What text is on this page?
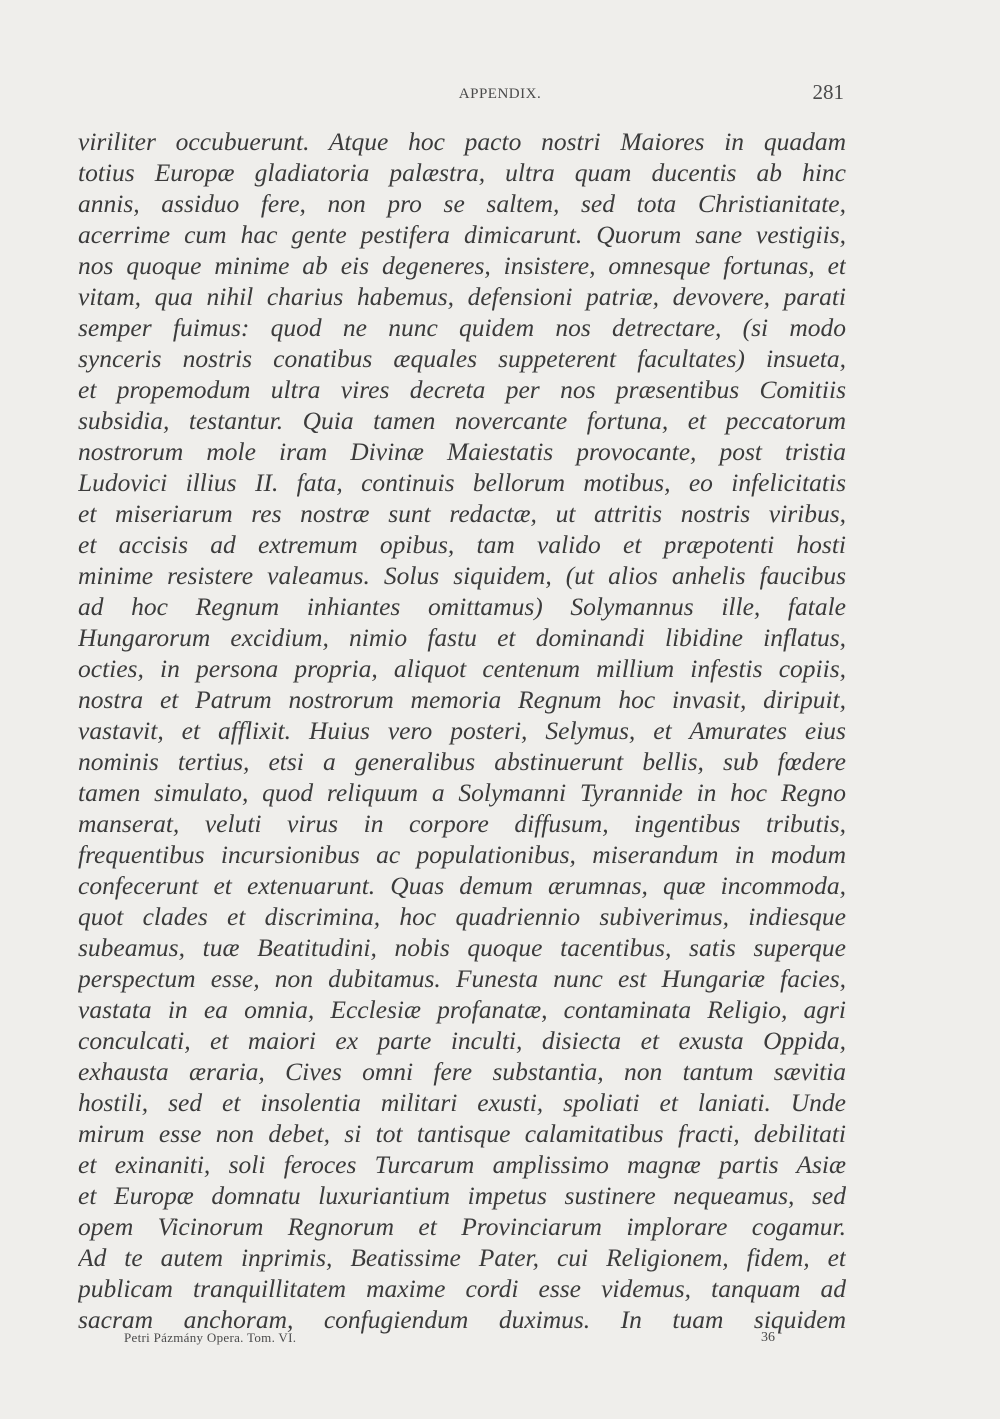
APPENDIX.	281
viriliter occubuerunt. Atque hoc pacto nostri Maiores in quadam
totius Europæ gladiatoria palæstra, ultra quam ducentis ab hinc
annis, assiduo fere, non pro se saltem, sed tota Christianitate,
acerrime cum hac gente pestifera dimicarunt. Quorum sane vestigiis,
nos quoque minime ab eis degeneres, insistere, omnesque fortunas, et
vitam, qua nihil charius habemus, defensioni patriæ, devovere, parati
semper fuimus: quod ne nunc quidem nos detrectare, (si modo
synceris nostris conatibus æquales suppeterent facultates) insueta,
et propemodum ultra vires decreta per nos præsentibus Comitiis
subsidia, testantur. Quia tamen novercante fortuna, et peccatorum
nostrorum mole iram Divinæ Maiestatis provocante, post tristia
Ludovici illius II. fata, continuis bellorum motibus, eo infelicitatis
et miseriarum res nostræ sunt redactæ, ut attritis nostris viribus,
et accisis ad extremum opibus, tam valido et præpotenti hosti
minime resistere valeamus. Solus siquidem, (ut alios anhelis faucibus
ad hoc Regnum inhiantes omittamus) Solymannus ille, fatale
Hungarorum excidium, nimio fastu et dominandi libidine inflatus,
octies, in persona propria, aliquot centenum millium infestis copiis,
nostra et Patrum nostrorum memoria Regnum hoc invasit, diripuit,
vastavit, et afflixit. Huius vero posteri, Selymus, et Amurates eius
nominis tertius, etsi a generalibus abstinuerunt bellis, sub fœdere
tamen simulato, quod reliquum a Solymanni Tyrannide in hoc Regno
manserat, veluti virus in corpore diffusum, ingentibus tributis,
frequentibus incursionibus ac populationibus, miserandum in modum
confecerunt et extenuarunt. Quas demum ærumnas, quæ incommoda,
quot clades et discrimina, hoc quadriennio subiverimus, indiesque
subeamus, tuæ Beatitudini, nobis quoque tacentibus, satis superque
perspectum esse, non dubitamus. Funesta nunc est Hungariæ facies,
vastata in ea omnia, Ecclesiæ profanatæ, contaminata Religio, agri
conculcati, et maiori ex parte inculti, disiecta et exusta Oppida,
exhausta æraria, Cives omni fere substantia, non tantum sævitia
hostili, sed et insolentia militari exusti, spoliati et laniati. Unde
mirum esse non debet, si tot tantisque calamitatibus fracti, debilitati
et exinaniti, soli feroces Turcarum amplissimo magnæ partis Asiæ
et Europæ domnatu luxuriantium impetus sustinere nequeamus, sed
opem Vicinorum Regnorum et Provinciarum implorare cogamur.
Ad te autem inprimis, Beatissime Pater, cui Religionem, fidem, et
publicam tranquillitatem maxime cordi esse videmus, tanquam ad
sacram anchoram, confugiendum duximus. In tuam siquidem
Petri Pázmány Opera. Tom. VI.	36
